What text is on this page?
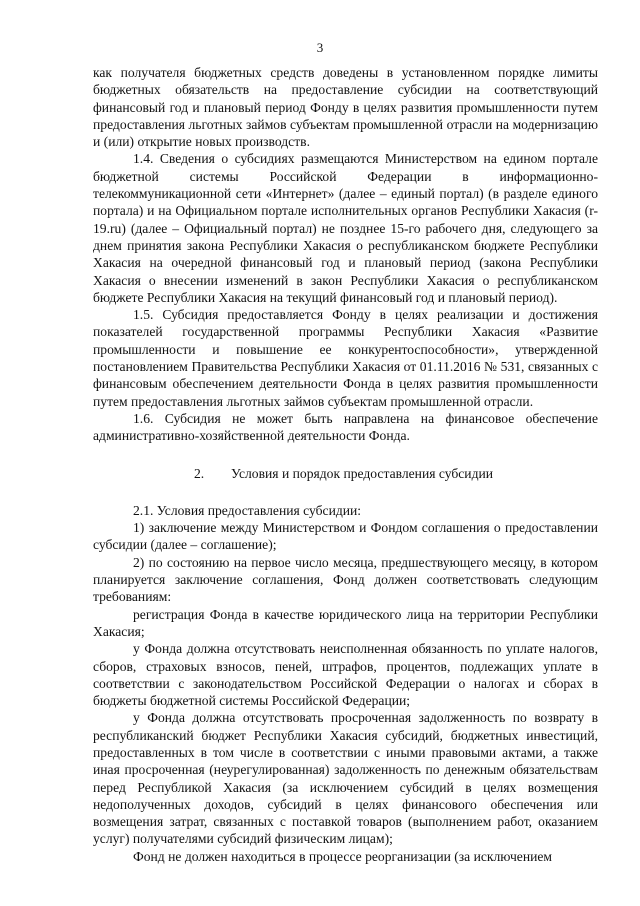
3

как получателя бюджетных средств доведены в установленном порядке лимиты бюджетных обязательств на предоставление субсидии на соответствующий финансовый год и плановый период Фонду в целях развития промышленности путем предоставления льготных займов субъектам промышленной отрасли на модернизацию и (или) открытие новых производств.

1.4. Сведения о субсидиях размещаются Министерством на едином портале бюджетной системы Российской Федерации в информационно-телекоммуникационной сети «Интернет» (далее – единый портал) (в разделе единого портала) и на Официальном портале исполнительных органов Республики Хакасия (r-19.ru) (далее – Официальный портал) не позднее 15-го рабочего дня, следующего за днем принятия закона Республики Хакасия о республиканском бюджете Республики Хакасия на очередной финансовый год и плановый период (закона Республики Хакасия о внесении изменений в закон Республики Хакасия о республиканском бюджете Республики Хакасия на текущий финансовый год и плановый период).

1.5. Субсидия предоставляется Фонду в целях реализации и достижения показателей государственной программы Республики Хакасия «Развитие промышленности и повышение ее конкурентоспособности», утвержденной постановлением Правительства Республики Хакасия от 01.11.2016 № 531, связанных с финансовым обеспечением деятельности Фонда в целях развития промышленности путем предоставления льготных займов субъектам промышленной отрасли.

1.6. Субсидия не может быть направлена на финансовое обеспечение административно-хозяйственной деятельности Фонда.

2. Условия и порядок предоставления субсидии

2.1. Условия предоставления субсидии:

1) заключение между Министерством и Фондом соглашения о предоставлении субсидии (далее – соглашение);

2) по состоянию на первое число месяца, предшествующего месяцу, в котором планируется заключение соглашения, Фонд должен соответствовать следующим требованиям:

регистрация Фонда в качестве юридического лица на территории Республики Хакасия;

у Фонда должна отсутствовать неисполненная обязанность по уплате налогов, сборов, страховых взносов, пеней, штрафов, процентов, подлежащих уплате в соответствии с законодательством Российской Федерации о налогах и сборах в бюджеты бюджетной системы Российской Федерации;

у Фонда должна отсутствовать просроченная задолженность по возврату в республиканский бюджет Республики Хакасия субсидий, бюджетных инвестиций, предоставленных в том числе в соответствии с иными правовыми актами, а также иная просроченная (неурегулированная) задолженность по денежным обязательствам перед Республикой Хакасия (за исключением субсидий в целях возмещения недополученных доходов, субсидий в целях финансового обеспечения или возмещения затрат, связанных с поставкой товаров (выполнением работ, оказанием услуг) получателями субсидий физическим лицам);

Фонд не должен находиться в процессе реорганизации (за исключением
